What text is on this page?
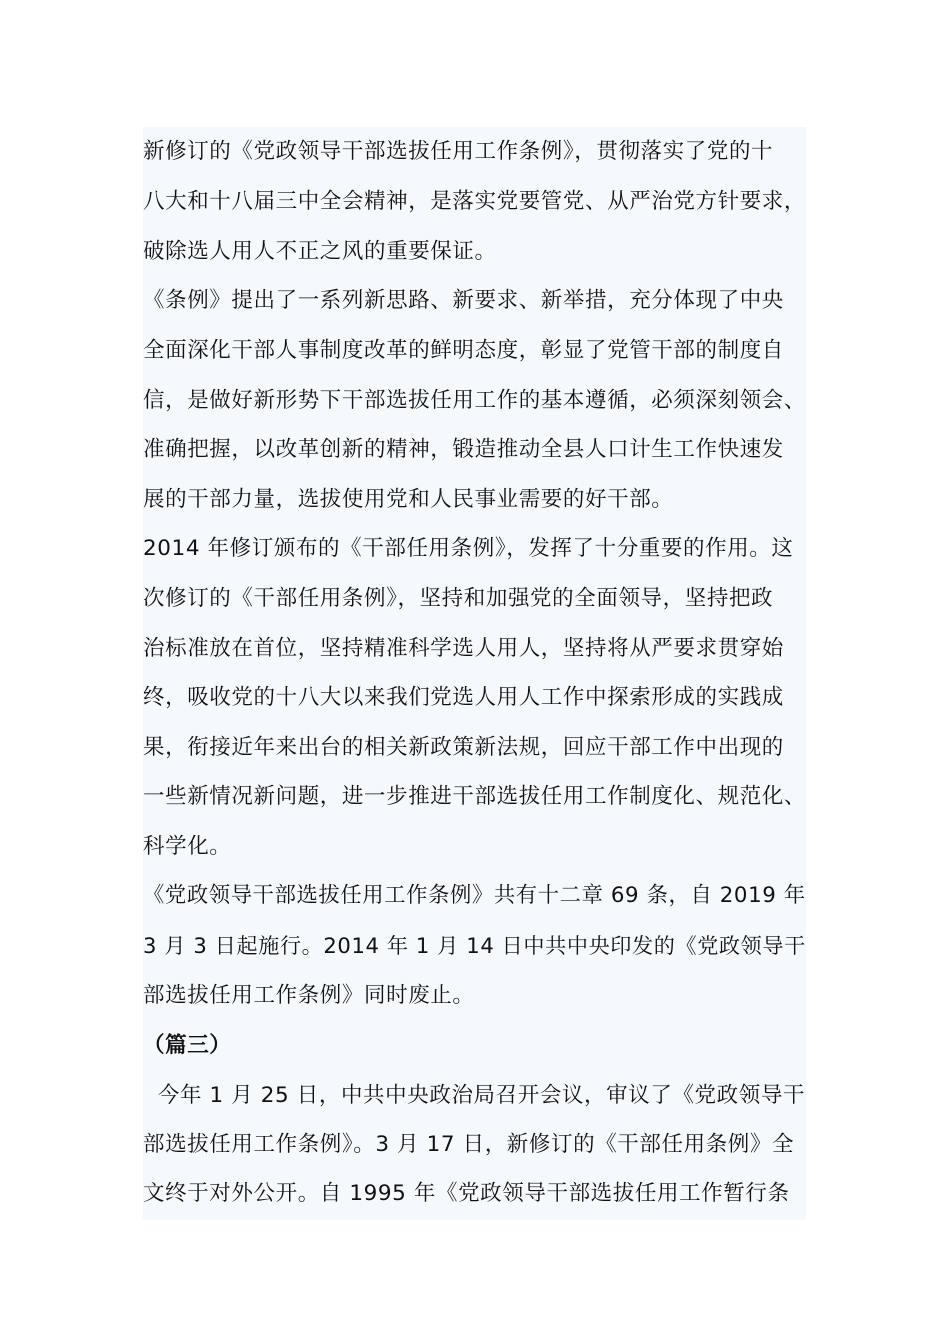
新修订的《党政领导干部选拔任用工作条例》，贯彻落实了党的十
八大和十八届三中全会精神，是落实党要管党、从严治党方针要求，
破除选人用人不正之风的重要保证。
《条例》提出了一系列新思路、新要求、新举措，充分体现了中央
全面深化干部人事制度改革的鲜明态度，彰显了党管干部的制度自
信，是做好新形势下干部选拔任用工作的基本遵循，必须深刻领会、
准确把握，以改革创新的精神，锻造推动全县人口计生工作快速发
展的干部力量，选拔使用党和人民事业需要的好干部。
2014 年修订颁布的《干部任用条例》，发挥了十分重要的作用。这
次修订的《干部任用条例》，坚持和加强党的全面领导，坚持把政
治标准放在首位，坚持精准科学选人用人，坚持将从严要求贯穿始
终，吸收党的十八大以来我们党选人用人工作中探索形成的实践成
果，衔接近年来出台的相关新政策新法规，回应干部工作中出现的
一些新情况新问题，进一步推进干部选拔任用工作制度化、规范化、
科学化。
《党政领导干部选拔任用工作条例》共有十二章 69 条，自 2019 年
3 月 3 日起施行。2014 年 1 月 14 日中共中央印发的《党政领导干
部选拔任用工作条例》同时废止。
（篇三）
今年 1 月 25 日，中共中央政治局召开会议，审议了《党政领导干
部选拔任用工作条例》。3 月 17 日，新修订的《干部任用条例》全
文终于对外公开。自 1995 年《党政领导干部选拔任用工作暂行条
